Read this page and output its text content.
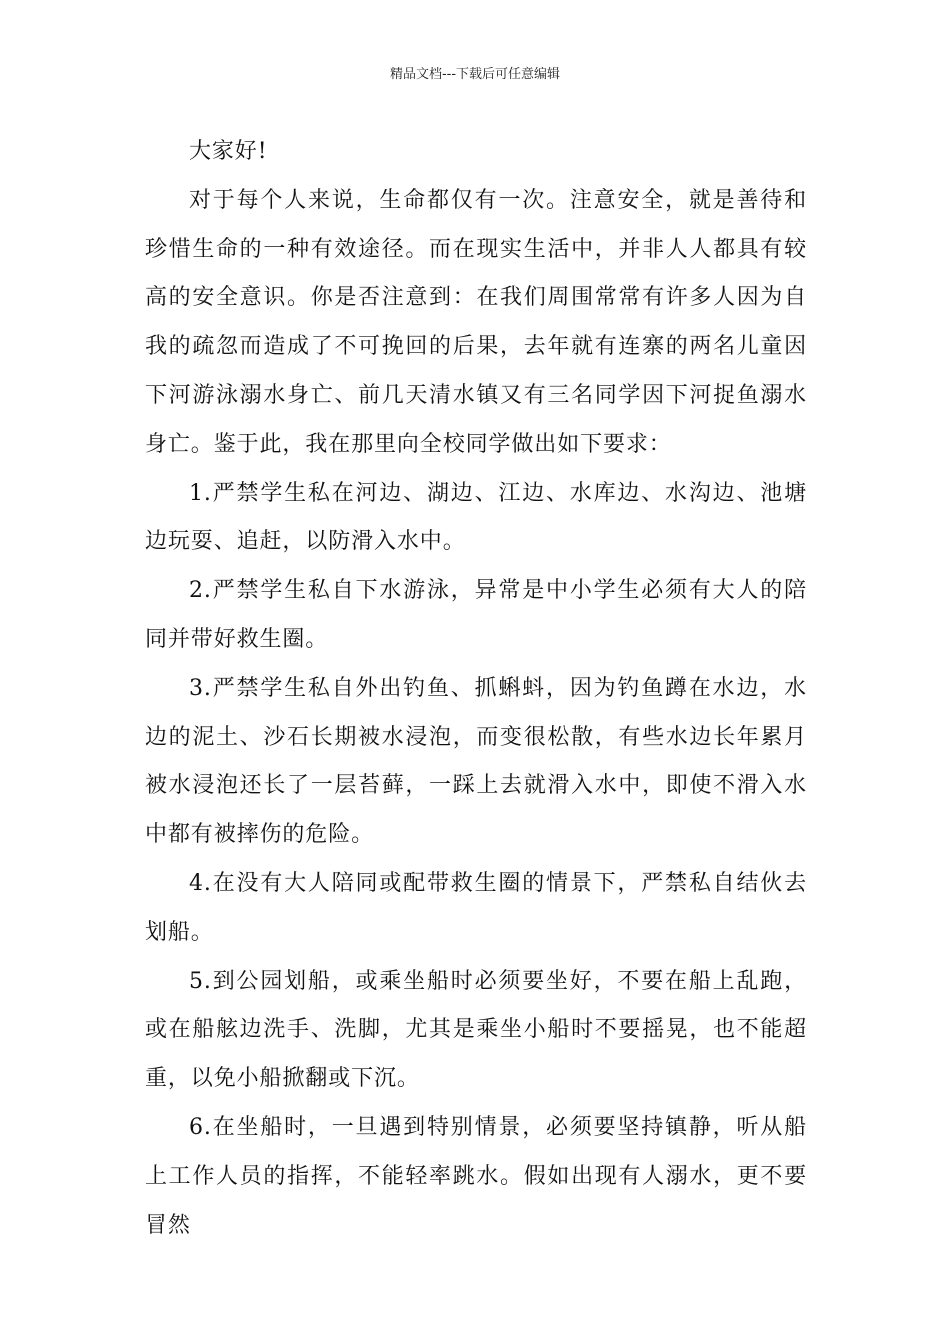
精品文档---下载后可任意编辑

大家好!

对于每个人来说，生命都仅有一次。注意安全，就是善待和珍惜生命的一种有效途径。而在现实生活中，并非人人都具有较高的安全意识。你是否注意到：在我们周围常常有许多人因为自我的疏忽而造成了不可挽回的后果，去年就有连寨的两名儿童因下河游泳溺水身亡、前几天清水镇又有三名同学因下河捉鱼溺水身亡。鉴于此，我在那里向全校同学做出如下要求：

1.严禁学生私在河边、湖边、江边、水库边、水沟边、池塘边玩耍、追赶，以防滑入水中。

2.严禁学生私自下水游泳，异常是中小学生必须有大人的陪同并带好救生圈。

3.严禁学生私自外出钓鱼、抓蝌蚪，因为钓鱼蹲在水边，水边的泥土、沙石长期被水浸泡，而变很松散，有些水边长年累月被水浸泡还长了一层苔藓，一踩上去就滑入水中，即使不滑入水中都有被摔伤的危险。

4.在没有大人陪同或配带救生圈的情景下，严禁私自结伙去划船。

5.到公园划船，或乘坐船时必须要坐好，不要在船上乱跑，或在船舷边洗手、洗脚，尤其是乘坐小船时不要摇晃，也不能超重，以免小船掀翻或下沉。

6.在坐船时，一旦遇到特别情景，必须要坚持镇静，听从船上工作人员的指挥，不能轻率跳水。假如出现有人溺水，更不要冒然
